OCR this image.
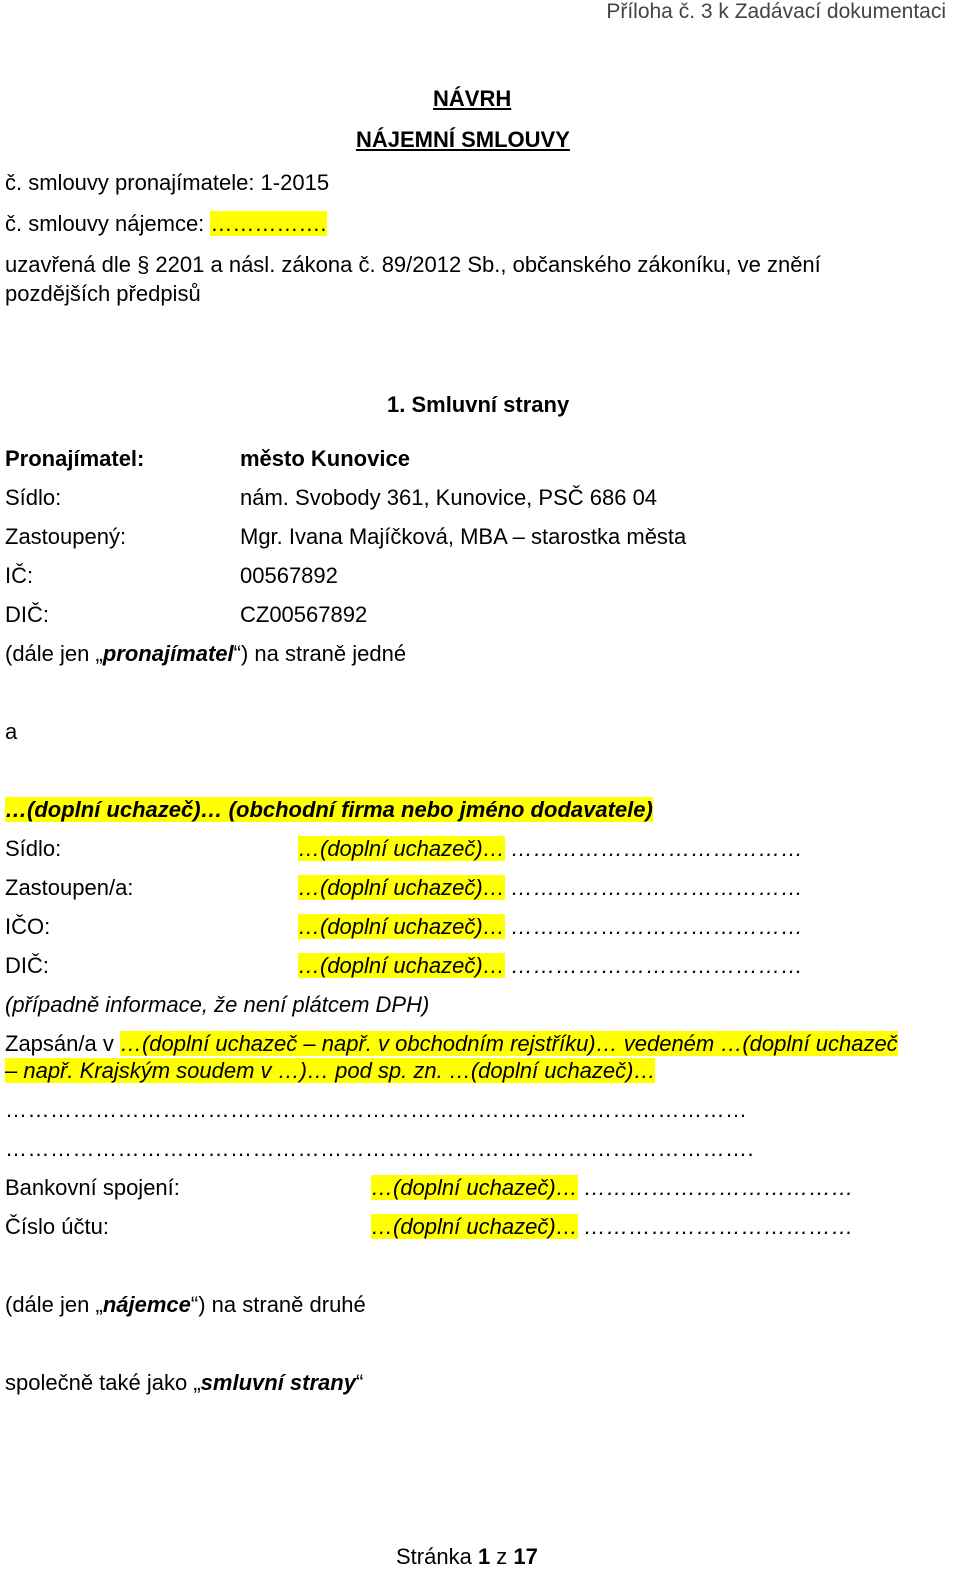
Příloha č. 3 k Zadávací dokumentaci
NÁVRH
NÁJEMNÍ SMLOUVY
č. smlouvy pronajímatele: 1-2015
č. smlouvy nájemce: …………….
uzavřená dle § 2201 a násl. zákona č. 89/2012 Sb., občanského zákoníku, ve znění
pozdějších předpisů
1. Smluvní strany
Pronajímatel:	město Kunovice
Sídlo:	nám. Svobody 361, Kunovice, PSČ 686 04
Zastoupený:	Mgr. Ivana Majíčková, MBA – starostka města
IČ:	00567892
DIČ:	CZ00567892
(dále jen „pronajímatel“) na straně jedné
a
…(doplní uchazeč)… (obchodní firma nebo jméno dodavatele)
Sídlo:	…(doplní uchazeč)… …………………………………
Zastoupen/a:	…(doplní uchazeč)… …………………………………
IČO:	…(doplní uchazeč)… …………………………………
DIČ:	…(doplní uchazeč)… …………………………………
(případně informace, že není plátcem DPH)
Zapsán/a v …(doplní uchazeč – např. v obchodním rejstříku)… vedeném …(doplní uchazeč
– např. Krajským soudem v …)… pod sp. zn. …(doplní uchazeč)…
………………………………………………………………………………………
……………………………………………………………………………………….
Bankovní spojení:	…(doplní uchazeč)… ………………………………
Číslo účtu:	…(doplní uchazeč)… ………………………………
(dále jen „nájemce“) na straně druhé
společně také jako „smluvní strany“
Stránka 1 z 17
